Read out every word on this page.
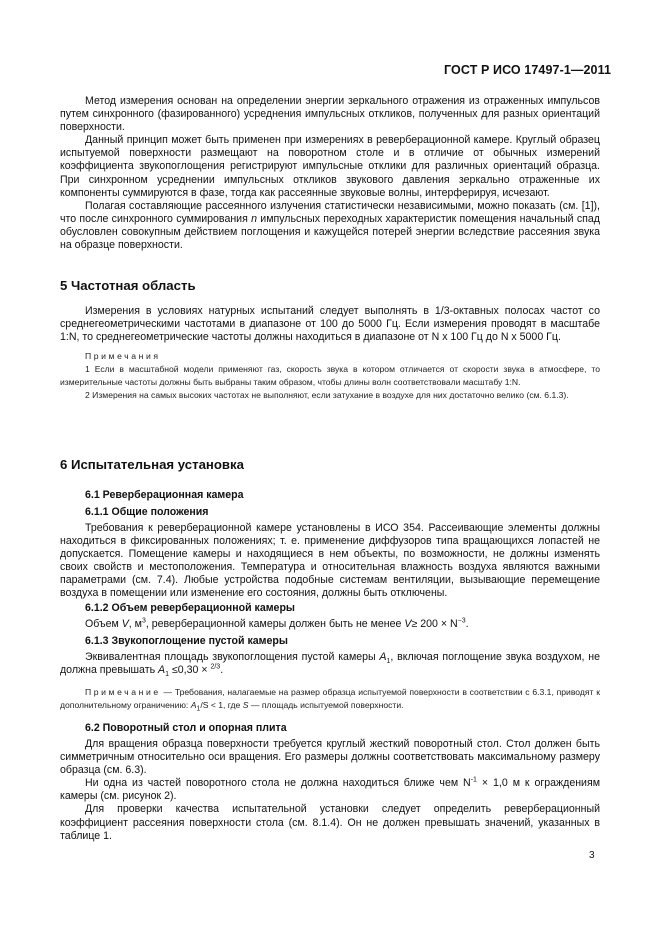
ГОСТ Р ИСО 17497-1—2011

Метод измерения основан на определении энергии зеркального отражения из отраженных импульсов путем синхронного (фазированного) усреднения импульсных откликов, полученных для разных ориентаций поверхности.

Данный принцип может быть применен при измерениях в реверберационной камере. Круглый образец испытуемой поверхности размещают на поворотном столе и в отличие от обычных измерений коэффициента звукопоглощения регистрируют импульсные отклики для различных ориентаций образца. При синхронном усреднении импульсных откликов звукового давления зеркально отраженные их компоненты суммируются в фазе, тогда как рассеянные звуковые волны, интерферируя, исчезают.

Полагая составляющие рассеянного излучения статистически независимыми, можно показать (см. [1]), что после синхронного суммирования n импульсных переходных характеристик помещения начальный спад обусловлен совокупным действием поглощения и кажущейся потерей энергии вследствие рассеяния звука на образце поверхности.

5 Частотная область

Измерения в условиях натурных испытаний следует выполнять в 1/3-октавных полосах частот со среднегеометрическими частотами в диапазоне от 100 до 5000 Гц. Если измерения проводят в масштабе 1:N, то среднегеометрические частоты должны находиться в диапазоне от N x 100 Гц до N x 5000 Гц.

Примечания

1 Если в масштабной модели применяют газ, скорость звука в котором отличается от скорости звука в атмосфере, то измерительные частоты должны быть выбраны таким образом, чтобы длины волн соответствовали масштабу 1:N.

2 Измерения на самых высоких частотах не выполняют, если затухание в воздухе для них достаточно велико (см. 6.1.3).

6 Испытательная установка
6.1 Реверберационная камера
6.1.1 Общие положения

Требования к реверберационной камере установлены в ИСО 354. Рассеивающие элементы должны находиться в фиксированных положениях; т. е. применение диффузоров типа вращающихся лопастей не допускается. Помещение камеры и находящиеся в нем объекты, по возможности, не должны изменять своих свойств и местоположения. Температура и относительная влажность воздуха являются важными параметрами (см. 7.4). Любые устройства подобные системам вентиляции, вызывающие перемещение воздуха в помещении или изменение его состояния, должны быть отключены.

6.1.2 Объем реверберационной камеры

Объем V, $м^3$, реверберационной камеры должен быть не менее $V\ge 200 \times N^{-3}$.

6.1.3 Звукопоглощение пустой камеры

Эквивалентная площадь звукопоглощения пустой камеры $A_1$, включая поглощение звука воздухом, не должна превышать $A_1 \le 0,30 \times ^{2/3}$.

Примечание — Требования, налагаемые на размер образца испытуемой поверхности в соответствии с 6.3.1, приводят к дополнительному ограничению: $A_1/S < 1$, где S — площадь испытуемой поверхности.

6.2 Поворотный стол и опорная плита

Для вращения образца поверхности требуется круглый жесткий поворотный стол. Стол должен быть симметричным относительно оси вращения. Его размеры должны соответствовать максимальному размеру образца (см. 6.3).

Ни одна из частей поворотного стола не должна находиться ближе чем $N^{-1} \times 1,0$ м к ограждениям камеры (см. рисунок 2).

Для проверки качества испытательной установки следует определить реверберационный коэффициент рассеяния поверхности стола (см. 8.1.4). Он не должен превышать значений, указанных в таблице 1.

3
